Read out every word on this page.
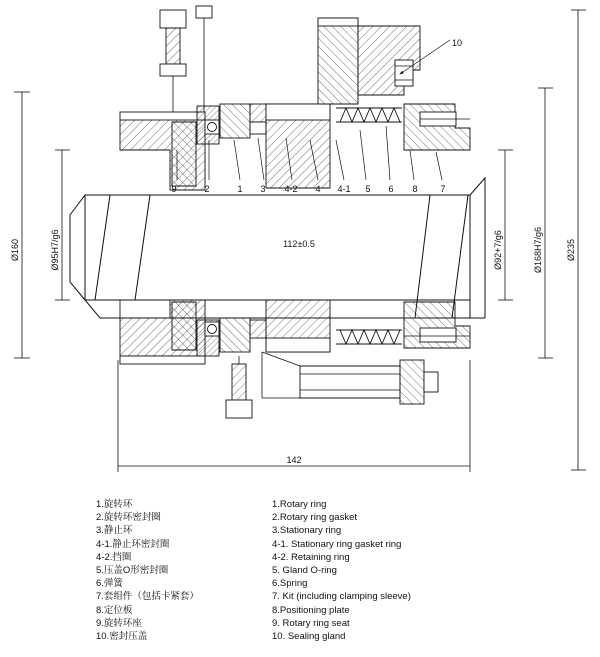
Ø160	Ø95H7/g6	Ø92+7/g6	Ø168H7/g6	Ø235
112±0.5
142
10
9	2	1 3 4-2 4 4-1 5 6 8	7
1.旋转环
2.旋转环密封圈
3.静止环
4-1.静止环密封圈
4-2.挡圈
5.压盖O形密封圈
6.弹簧
7.套组件（包括卡紧套）
8.定位板
9.旋转环座
10.密封压盖
1.Rotary ring
2.Rotary ring gasket
3.Stationary ring
4-1. Stationary ring gasket ring
4-2. Retaining ring
5. Gland O-ring
6.Spring
7. Kit (including clamping sleeve)
8.Positioning plate
9. Rotary ring seat
10. Sealing gland
